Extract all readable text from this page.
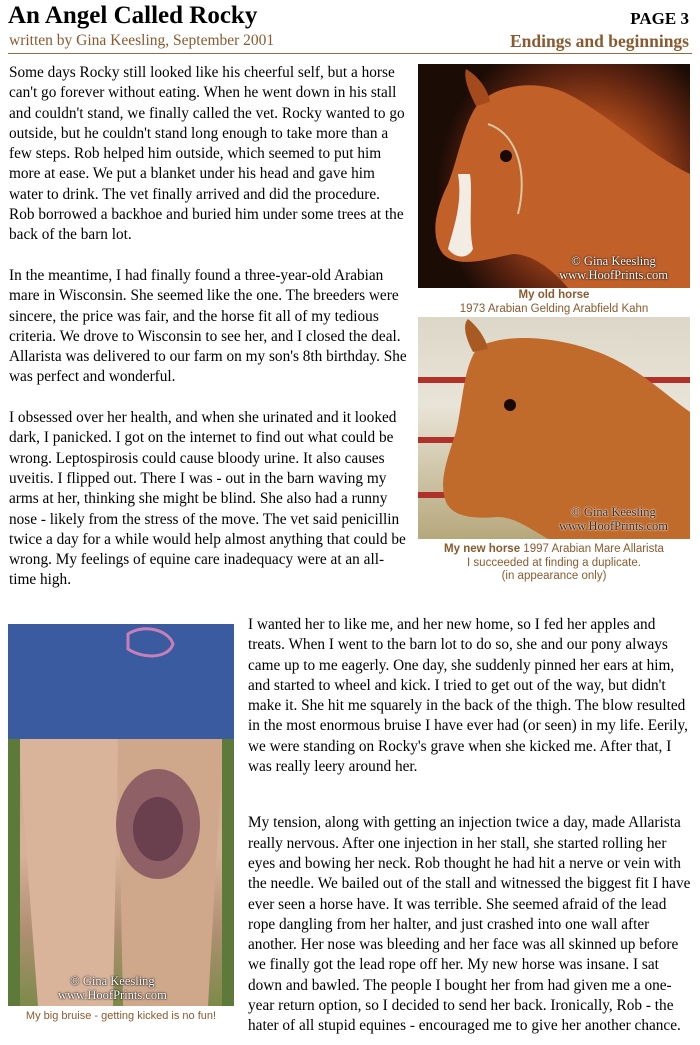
An Angel Called Rocky
written by Gina Keesling, September 2001
PAGE 3
Endings and beginnings

Some days Rocky still looked like his cheerful self, but a horse can't go forever without eating. When he went down in his stall and couldn't stand, we finally called the vet. Rocky wanted to go outside, but he couldn't stand long enough to take more than a few steps. Rob helped him outside, which seemed to put him more at ease. We put a blanket under his head and gave him water to drink. The vet finally arrived and did the procedure. Rob borrowed a backhoe and buried him under some trees at the back of the barn lot.

In the meantime, I had finally found a three-year-old Arabian mare in Wisconsin. She seemed like the one. The breeders were sincere, the price was fair, and the horse fit all of my tedious criteria. We drove to Wisconsin to see her, and I closed the deal. Allarista was delivered to our farm on my son's 8th birthday. She was perfect and wonderful.

I obsessed over her health, and when she urinated and it looked dark, I panicked. I got on the internet to find out what could be wrong. Leptospirosis could cause bloody urine. It also causes uveitis. I flipped out. There I was - out in the barn waving my arms at her, thinking she might be blind. She also had a runny nose - likely from the stress of the move. The vet said penicillin twice a day for a while would help almost anything that could be wrong. My feelings of equine care inadequacy were at an all-time high.

© Gina Keesling
www.HoofPrints.com
My old horse
1973 Arabian Gelding Arabfield Kahn
© Gina Keesling
www.HoofPrints.com
My new horse 1997 Arabian Mare Allarista
I succeeded at finding a duplicate.
(in appearance only)
© Gina Keesling
www.HoofPrints.com
My big bruise - getting kicked is no fun!

I wanted her to like me, and her new home, so I fed her apples and treats. When I went to the barn lot to do so, she and our pony always came up to me eagerly. One day, she suddenly pinned her ears at him, and started to wheel and kick. I tried to get out of the way, but didn't make it. She hit me squarely in the back of the thigh. The blow resulted in the most enormous bruise I have ever had (or seen) in my life. Eerily, we were standing on Rocky's grave when she kicked me. After that, I was really leery around her.

My tension, along with getting an injection twice a day, made Allarista really nervous. After one injection in her stall, she started rolling her eyes and bowing her neck. Rob thought he had hit a nerve or vein with the needle. We bailed out of the stall and witnessed the biggest fit I have ever seen a horse have. It was terrible. She seemed afraid of the lead rope dangling from her halter, and just crashed into one wall after another. Her nose was bleeding and her face was all skinned up before we finally got the lead rope off her. My new horse was insane. I sat down and bawled. The people I bought her from had given me a one-year return option, so I decided to send her back. Ironically, Rob - the hater of all stupid equines - encouraged me to give her another chance.
